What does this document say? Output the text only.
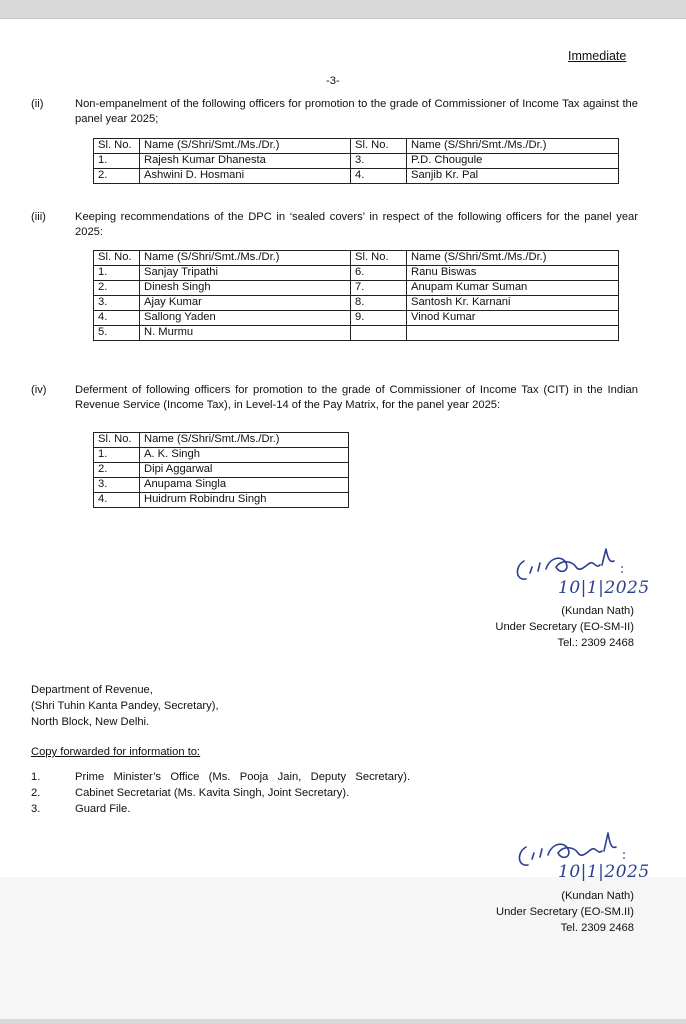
Immediate
-3-
(ii)	Non-empanelment of the following officers for promotion to the grade of Commissioner of Income Tax against the panel year 2025;
Sl. No.	Name (S/Shri/Smt./Ms./Dr.)	Sl. No.	Name (S/Shri/Smt./Ms./Dr.)
1.	Rajesh Kumar Dhanesta	3.	P.D. Chougule
2.	Ashwini D. Hosmani	4.	Sanjib Kr. Pal
(iii)	Keeping recommendations of the DPC in ‘sealed covers’ in respect of the following officers for the panel year 2025:
Sl. No.	Name (S/Shri/Smt./Ms./Dr.)	Sl. No.	Name (S/Shri/Smt./Ms./Dr.)
1.	Sanjay Tripathi	6.	Ranu Biswas
2.	Dinesh Singh	7.	Anupam Kumar Suman
3.	Ajay Kumar	8.	Santosh Kr. Karnani
4.	Sallong Yaden	9.	Vinod Kumar
5.	N. Murmu		
(iv)	Deferment of following officers for promotion to the grade of Commissioner of Income Tax (CIT) in the Indian Revenue Service (Income Tax), in Level-14 of the Pay Matrix, for the panel year 2025:
Sl. No.	Name (S/Shri/Smt./Ms./Dr.)
1.	A. K. Singh
2.	Dipi Aggarwal
3.	Anupama Singla
4.	Huidrum Robindru Singh
10|1|2025
(Kundan Nath)
Under Secretary (EO-SM-II)
Tel.: 2309 2468
Department of Revenue,
(Shri Tuhin Kanta Pandey, Secretary),
North Block, New Delhi.
Copy forwarded for information to:
1.	Prime   Minister’s   Office   (Ms.   Pooja   Jain,   Deputy   Secretary).
2.	Cabinet Secretariat (Ms. Kavita Singh, Joint Secretary).
3.	Guard File.
10|1|2025
(Kundan Nath)
Under Secretary (EO-SM.II)
Tel. 2309 2468
